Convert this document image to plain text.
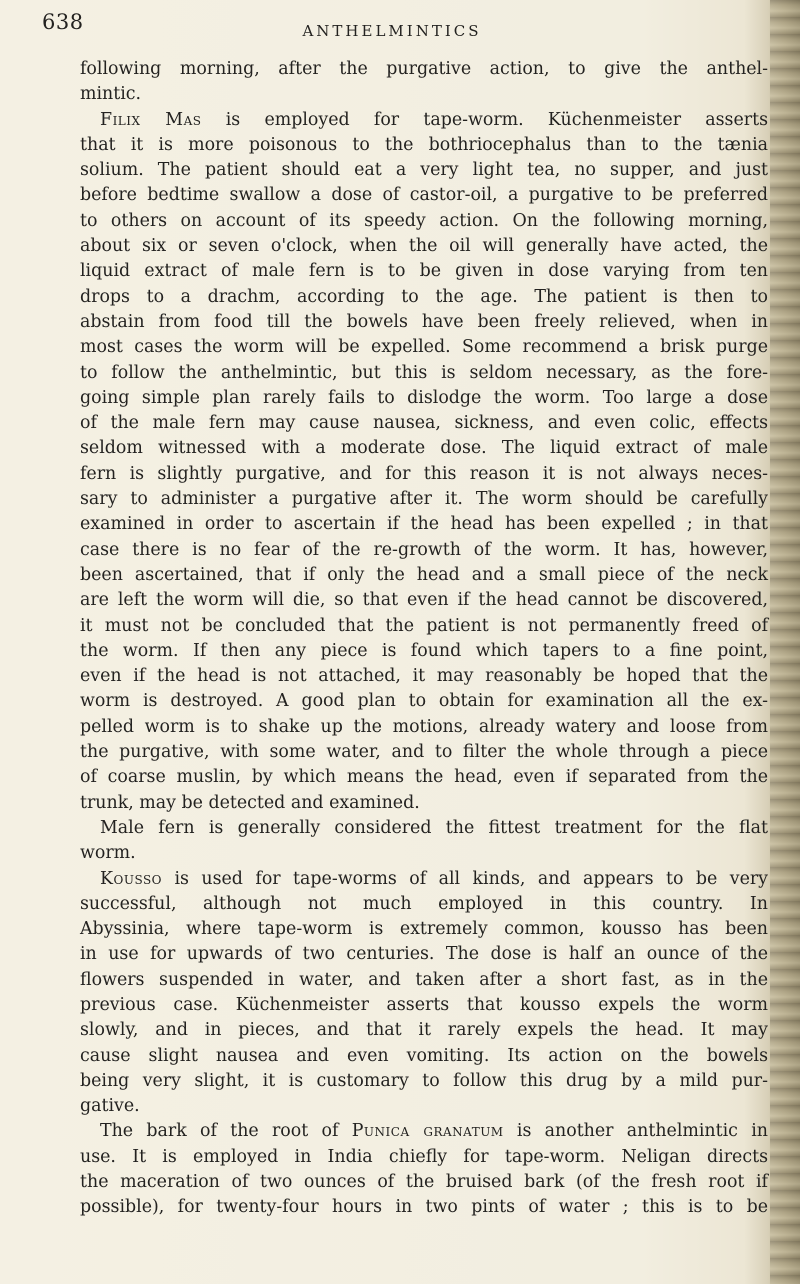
638	ANTHELMINTICS
following morning, after the purgative action, to give the anthel-
mintic.
Filix Mas is employed for tape-worm. Küchenmeister asserts
that it is more poisonous to the bothriocephalus than to the tænia
solium. The patient should eat a very light tea, no supper, and just
before bedtime swallow a dose of castor-oil, a purgative to be preferred
to others on account of its speedy action. On the following morning,
about six or seven o'clock, when the oil will generally have acted, the
liquid extract of male fern is to be given in dose varying from ten
drops to a drachm, according to the age. The patient is then to
abstain from food till the bowels have been freely relieved, when in
most cases the worm will be expelled. Some recommend a brisk purge
to follow the anthelmintic, but this is seldom necessary, as the fore-
going simple plan rarely fails to dislodge the worm. Too large a dose
of the male fern may cause nausea, sickness, and even colic, effects
seldom witnessed with a moderate dose. The liquid extract of male
fern is slightly purgative, and for this reason it is not always neces-
sary to administer a purgative after it. The worm should be carefully
examined in order to ascertain if the head has been expelled ; in that
case there is no fear of the re-growth of the worm. It has, however,
been ascertained, that if only the head and a small piece of the neck
are left the worm will die, so that even if the head cannot be discovered,
it must not be concluded that the patient is not permanently freed of
the worm. If then any piece is found which tapers to a fine point,
even if the head is not attached, it may reasonably be hoped that the
worm is destroyed. A good plan to obtain for examination all the ex-
pelled worm is to shake up the motions, already watery and loose from
the purgative, with some water, and to filter the whole through a piece
of coarse muslin, by which means the head, even if separated from the
trunk, may be detected and examined.
Male fern is generally considered the fittest treatment for the flat
worm.
Kousso is used for tape-worms of all kinds, and appears to be very
successful, although not much employed in this country. In
Abyssinia, where tape-worm is extremely common, kousso has been
in use for upwards of two centuries. The dose is half an ounce of the
flowers suspended in water, and taken after a short fast, as in the
previous case. Küchenmeister asserts that kousso expels the worm
slowly, and in pieces, and that it rarely expels the head. It may
cause slight nausea and even vomiting. Its action on the bowels
being very slight, it is customary to follow this drug by a mild pur-
gative.
The bark of the root of Punica granatum is another anthelmintic in
use. It is employed in India chiefly for tape-worm. Neligan directs
the maceration of two ounces of the bruised bark (of the fresh root if
possible), for twenty-four hours in two pints of water ; this is to be
